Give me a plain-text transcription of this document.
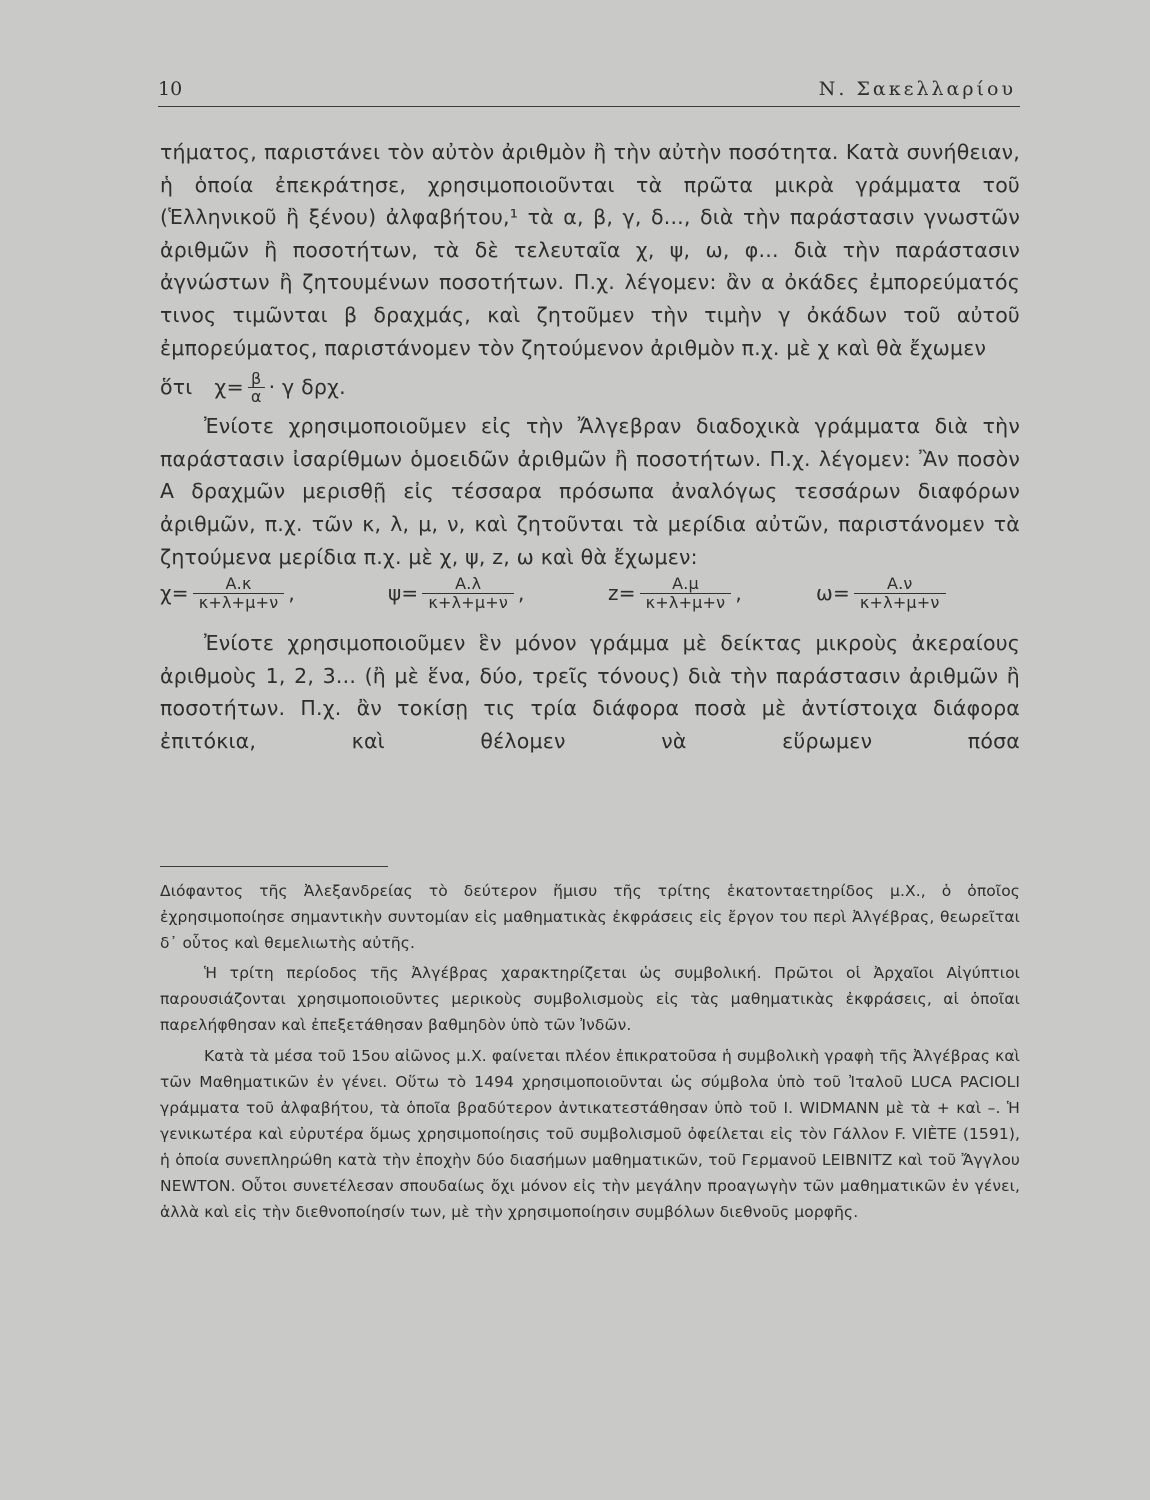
10	Ν. Σακελλαρίου

τήματος, παριστάνει τὸν αὐτὸν ἀριθμὸν ἢ τὴν αὐτὴν ποσότητα. Κατὰ συνήθειαν, ἡ ὁποία ἐπεκράτησε, χρησιμοποιοῦνται τὰ πρῶτα μικρὰ γράμματα τοῦ (Ἑλληνικοῦ ἢ ξένου) ἀλφαβήτου,¹ τὰ α, β, γ, δ..., διὰ τὴν παράστασιν γνωστῶν ἀριθμῶν ἢ ποσοτήτων, τὰ δὲ τελευταῖα χ, ψ, ω, φ... διὰ τὴν παράστασιν ἀγνώστων ἢ ζητουμένων ποσοτήτων. Π.χ. λέγομεν: ἂν α ὀκάδες ἐμπορεύματός τινος τιμῶνται β δραχμάς, καὶ ζητοῦμεν τὴν τιμὴν γ ὀκάδων τοῦ αὐτοῦ ἐμπορεύματος, παριστάνομεν τὸν ζητούμενον ἀριθμὸν π.χ. μὲ χ καὶ θὰ ἔχωμεν

ὅτι $\chi = \frac{\beta}{\alpha} \cdot \gamma$ δρχ.

Ἐνίοτε χρησιμοποιοῦμεν εἰς τὴν Ἄλγεβραν διαδοχικὰ γράμματα διὰ τὴν παράστασιν ἰσαρίθμων ὁμοειδῶν ἀριθμῶν ἢ ποσοτήτων. Π.χ. λέγομεν: Ἂν ποσὸν Α δραχμῶν μερισθῇ εἰς τέσσαρα πρόσωπα ἀναλόγως τεσσάρων διαφόρων ἀριθμῶν, π.χ. τῶν κ, λ, μ, ν, καὶ ζητοῦνται τὰ μερίδια αὐτῶν, παριστάνομεν τὰ ζητούμενα μερίδια π.χ. μὲ χ, ψ, z, ω καὶ θὰ ἔχωμεν:

$\chi = \frac{A.\kappa}{\kappa+\lambda+\mu+\nu}$ ,	$\psi = \frac{A.\lambda}{\kappa+\lambda+\mu+\nu}$ ,	$z = \frac{A.\mu}{\kappa+\lambda+\mu+\nu}$ ,	$\omega = \frac{A.\nu}{\kappa+\lambda+\mu+\nu}$

Ἐνίοτε χρησιμοποιοῦμεν ἓν μόνον γράμμα μὲ δείκτας μικροὺς ἀκεραίους ἀριθμοὺς 1, 2, 3... (ἢ μὲ ἕνα, δύο, τρεῖς τόνους) διὰ τὴν παράστασιν ἀριθμῶν ἢ ποσοτήτων. Π.χ. ἂν τοκίσῃ τις τρία διάφορα ποσὰ μὲ ἀντίστοιχα διάφορα ἐπιτόκια, καὶ θέλομεν νὰ εὕρωμεν πόσα

Διόφαντος τῆς Ἀλεξανδρείας τὸ δεύτερον ἥμισυ τῆς τρίτης ἑκατονταετηρίδος μ.Χ., ὁ ὁποῖος ἐχρησιμοποίησε σημαντικὴν συντομίαν εἰς μαθηματικὰς ἐκφράσεις εἰς ἔργον του περὶ Ἀλγέβρας, θεωρεῖται δ᾽ οὗτος καὶ θεμελιωτὴς αὐτῆς.

Ἡ τρίτη περίοδος τῆς Ἀλγέβρας χαρακτηρίζεται ὡς συμβολική. Πρῶτοι οἱ Ἀρχαῖοι Αἰγύπτιοι παρουσιάζονται χρησιμοποιοῦντες μερικοὺς συμβολισμοὺς εἰς τὰς μαθηματικὰς ἐκφράσεις, αἱ ὁποῖαι παρελήφθησαν καὶ ἐπεξετάθησαν βαθμηδὸν ὑπὸ τῶν Ἰνδῶν.

Κατὰ τὰ μέσα τοῦ 15ου αἰῶνος μ.Χ. φαίνεται πλέον ἐπικρατοῦσα ἡ συμβολικὴ γραφὴ τῆς Ἀλγέβρας καὶ τῶν Μαθηματικῶν ἐν γένει. Οὕτω τὸ 1494 χρησιμοποιοῦνται ὡς σύμβολα ὑπὸ τοῦ Ἰταλοῦ LUCA PACIOLI γράμματα τοῦ ἀλφαβήτου, τὰ ὁποῖα βραδύτερον ἀντικατεστάθησαν ὑπὸ τοῦ I. WIDMANN μὲ τὰ + καὶ –. Ἡ γενικωτέρα καὶ εὐρυτέρα ὅμως χρησιμοποίησις τοῦ συμβολισμοῦ ὀφείλεται εἰς τὸν Γάλλον F. VIÈTE (1591), ἡ ὁποία συνεπληρώθη κατὰ τὴν ἐποχὴν δύο διασήμων μαθηματικῶν, τοῦ Γερμανοῦ LEIBNITZ καὶ τοῦ Ἄγγλου NEWTON. Οὗτοι συνετέλεσαν σπουδαίως ὄχι μόνον εἰς τὴν μεγάλην προαγωγὴν τῶν μαθηματικῶν ἐν γένει, ἀλλὰ καὶ εἰς τὴν διεθνοποίησίν των, μὲ τὴν χρησιμοποίησιν συμβόλων διεθνοῦς μορφῆς.
